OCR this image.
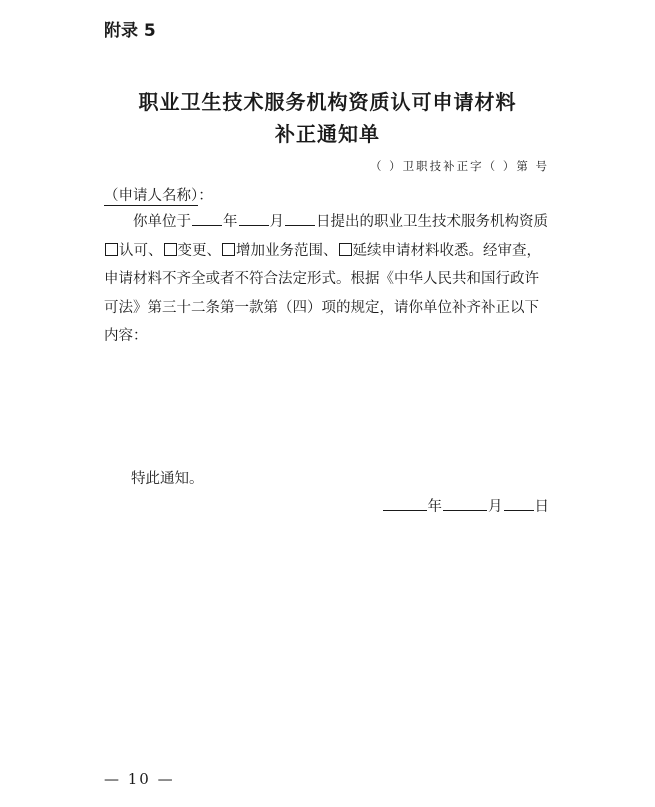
附录 5
职业卫生技术服务机构资质认可申请材料
补正通知单
（ ）卫职技补正字（ ）第 号
（申请人名称）：
你单位于 年 月 日提出的职业卫生技术服务机构资质认可、 变更、 增加业务范围、 延续申请材料收悉。经审查，申请材料不齐全或者不符合法定形式。根据《中华人民共和国行政许可法》第三十二条第一款第（四）项的规定，请你单位补齐补正以下内容：
特此通知。
年	月 日
— 10 —
